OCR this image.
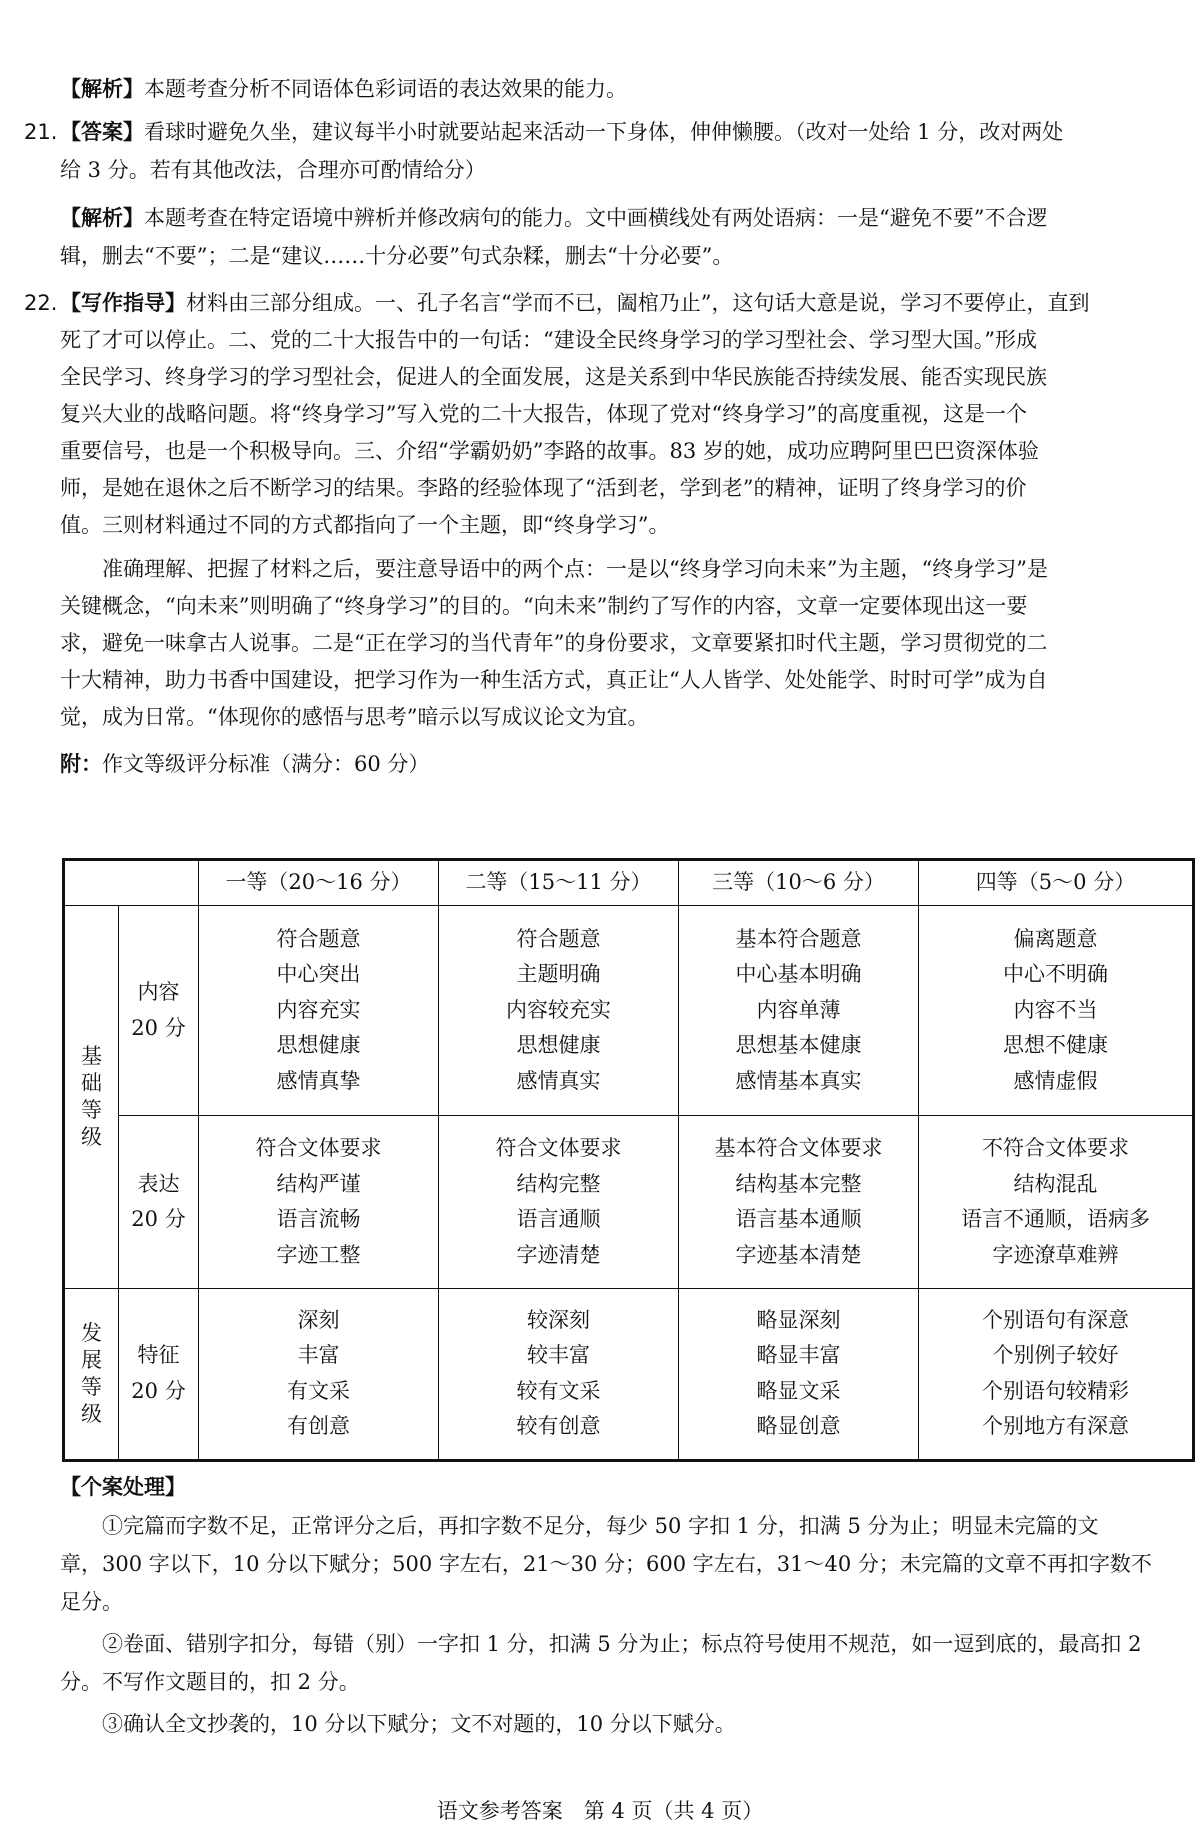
【解析】本题考查分析不同语体色彩词语的表达效果的能力。

21. 【答案】看球时避免久坐，建议每半小时就要站起来活动一下身体，伸伸懒腰。（改对一处给 1 分，改对两处

给 3 分。若有其他改法，合理亦可酌情给分）

【解析】本题考查在特定语境中辨析并修改病句的能力。文中画横线处有两处语病：一是“避免不要”不合逻

辑，删去“不要”；二是“建议……十分必要”句式杂糅，删去“十分必要”。

22. 【写作指导】材料由三部分组成。一、孔子名言“学而不已，阖棺乃止”，这句话大意是说，学习不要停止，直到

死了才可以停止。二、党的二十大报告中的一句话：“建设全民终身学习的学习型社会、学习型大国。”形成

全民学习、终身学习的学习型社会，促进人的全面发展，这是关系到中华民族能否持续发展、能否实现民族

复兴大业的战略问题。将“终身学习”写入党的二十大报告，体现了党对“终身学习”的高度重视，这是一个

重要信号，也是一个积极导向。三、介绍“学霸奶奶”李路的故事。83 岁的她，成功应聘阿里巴巴资深体验

师，是她在退休之后不断学习的结果。李路的经验体现了“活到老，学到老”的精神，证明了终身学习的价

值。三则材料通过不同的方式都指向了一个主题，即“终身学习”。

准确理解、把握了材料之后，要注意导语中的两个点：一是以“终身学习向未来”为主题，“终身学习”是

关键概念，“向未来”则明确了“终身学习”的目的。“向未来”制约了写作的内容，文章一定要体现出这一要

求，避免一味拿古人说事。二是“正在学习的当代青年”的身份要求，文章要紧扣时代主题，学习贯彻党的二

十大精神，助力书香中国建设，把学习作为一种生活方式，真正让“人人皆学、处处能学、时时可学”成为自

觉，成为日常。“体现你的感悟与思考”暗示以写成议论文为宜。

附：作文等级评分标准（满分：60 分）

		一等（20～16 分）	二等（15～11 分）	三等（10～6 分）	四等（5～0 分）

基
础
等
级	内容
20 分	符合题意
中心突出
内容充实
思想健康
感情真挚	符合题意
主题明确
内容较充实
思想健康
感情真实	基本符合题意
中心基本明确
内容单薄
思想基本健康
感情基本真实	偏离题意
中心不明确
内容不当
思想不健康
感情虚假

	表达
20 分	符合文体要求
结构严谨
语言流畅
字迹工整	符合文体要求
结构完整
语言通顺
字迹清楚	基本符合文体要求
结构基本完整
语言基本通顺
字迹基本清楚	不符合文体要求
结构混乱
语言不通顺，语病多
字迹潦草难辨

发
展
等
级	特征
20 分	深刻
丰富
有文采
有创意	较深刻
较丰富
较有文采
较有创意	略显深刻
略显丰富
略显文采
略显创意	个别语句有深意
个别例子较好
个别语句较精彩
个别地方有深意

【个案处理】

①完篇而字数不足，正常评分之后，再扣字数不足分，每少 50 字扣 1 分，扣满 5 分为止；明显未完篇的文

章，300 字以下，10 分以下赋分；500 字左右，21～30 分；600 字左右，31～40 分；未完篇的文章不再扣字数不

足分。

②卷面、错别字扣分，每错（别）一字扣 1 分，扣满 5 分为止；标点符号使用不规范，如一逗到底的，最高扣 2

分。不写作文题目的，扣 2 分。

③确认全文抄袭的，10 分以下赋分；文不对题的，10 分以下赋分。

语文参考答案　第 4 页（共 4 页）
